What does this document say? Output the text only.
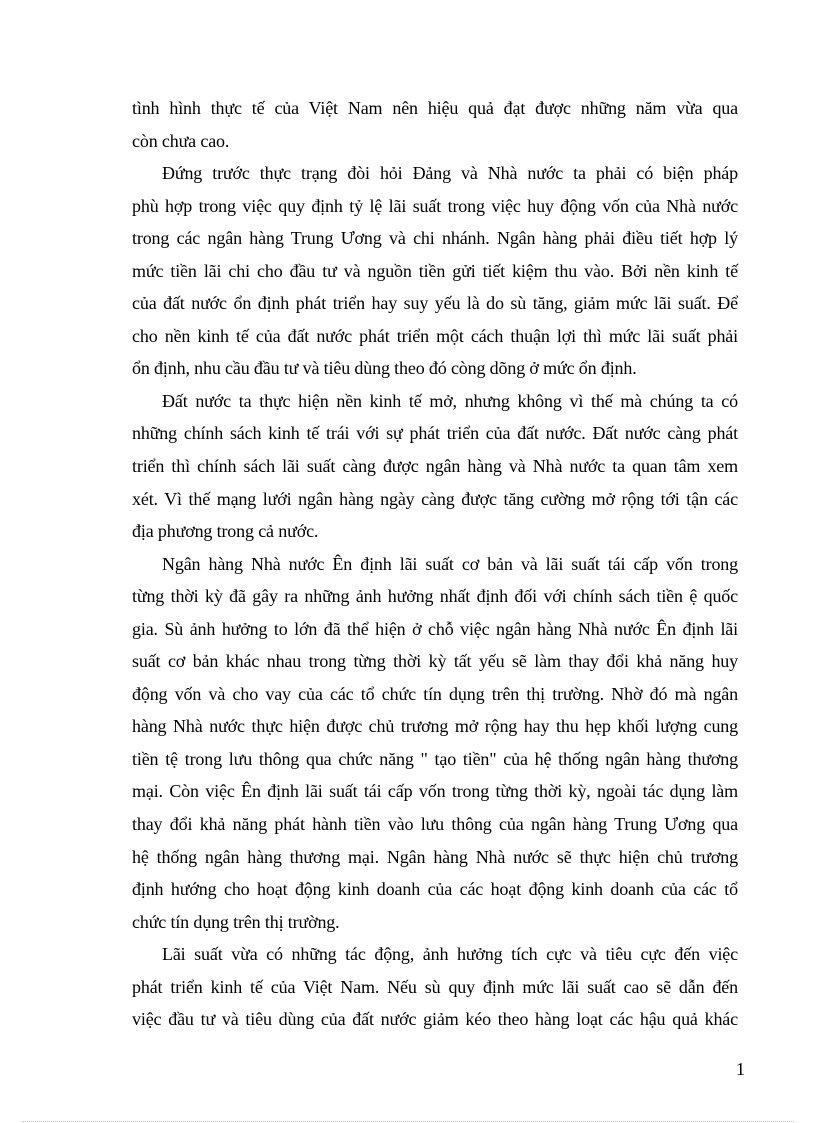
tình hình thực tế của Việt Nam nên hiệu quả đạt được những năm vừa qua
còn chưa cao.
Đứng trước thực trạng đòi hỏi Đảng và Nhà nước ta phải có biện pháp
phù hợp trong việc quy định tỷ lệ lãi suất trong việc huy động vốn của Nhà nước
trong các ngân hàng Trung Ương và chi nhánh. Ngân hàng phải điều tiết hợp lý
mức tiền lãi chi cho đầu tư và nguồn tiền gửi tiết kiệm thu vào. Bởi nền kinh tế
của đất nước ổn định phát triển hay suy yếu là do sù tăng, giảm mức lãi suất. Để
cho nền kinh tế của đất nước phát triển một cách thuận lợi thì mức lãi suất phải
ổn định, nhu cầu đầu tư và tiêu dùng theo đó còng dõng ở mức ổn định.
Đất nước ta thực hiện nền kinh tế mở, nhưng không vì thế mà chúng ta có
những chính sách kinh tế trái với sự phát triển của đất nước. Đất nước càng phát
triển thì chính sách lãi suất càng được ngân hàng và Nhà nước ta quan tâm xem
xét. Vì thế mạng lưới ngân hàng ngày càng được tăng cường mở rộng tới tận các
địa phương trong cả nước.
Ngân hàng Nhà nước Ên định lãi suất cơ bản và lãi suất tái cấp vốn trong
từng thời kỳ đã gây ra những ảnh hưởng nhất định đối với chính sách tiền ệ quốc
gia. Sù ảnh hưởng to lớn đã thể hiện ở chỗ việc ngân hàng Nhà nước Ên định lãi
suất cơ bản khác nhau trong từng thời kỳ tất yếu sẽ làm thay đổi khả năng huy
động vốn và cho vay của các tổ chức tín dụng trên thị trường. Nhờ đó mà ngân
hàng Nhà nước thực hiện được chủ trương mở rộng hay thu hẹp khối lượng cung
tiền tệ trong lưu thông qua chức năng " tạo tiền" của hệ thống ngân hàng thương
mại. Còn việc Ên định lãi suất tái cấp vốn trong từng thời kỳ, ngoài tác dụng làm
thay đổi khả năng phát hành tiền vào lưu thông của ngân hàng Trung Ương qua
hệ thống ngân hàng thương mại. Ngân hàng Nhà nước sẽ thực hiện chủ trương
định hướng cho hoạt động kinh doanh của các hoạt động kinh doanh của các tổ
chức tín dụng trên thị trường.
Lãi suất vừa có những tác động, ảnh hưởng tích cực và tiêu cực đến việc
phát triển kinh tế của Việt Nam. Nếu sù quy định mức lãi suất cao sẽ dẫn đến
việc đầu tư và tiêu dùng của đất nước giảm kéo theo hàng loạt các hậu quả khác
1
